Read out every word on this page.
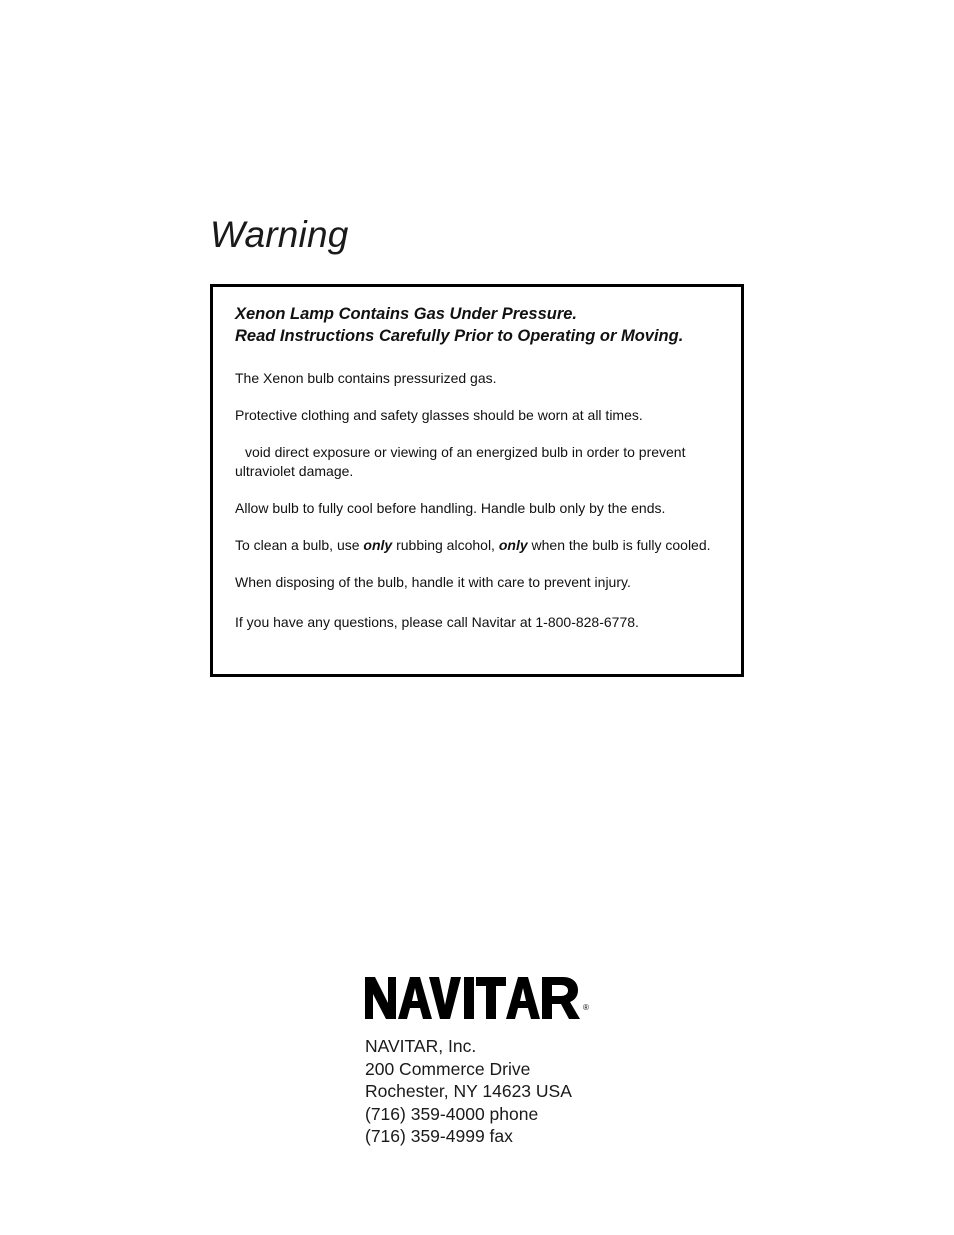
Warning

Xenon Lamp Contains Gas Under Pressure.
Read Instructions Carefully Prior to Operating or Moving.

The Xenon bulb contains pressurized gas.

Protective clothing and safety glasses should be worn at all times.

void direct exposure or viewing of an energized bulb in order to prevent ultraviolet damage.

Allow bulb to fully cool before handling. Handle bulb only by the ends.

To clean a bulb, use only rubbing alcohol, only when the bulb is fully cooled.

When disposing of the bulb, handle it with care to prevent injury.

If you have any questions, please call Navitar at 1-800-828-6778.

®
NAVITAR, Inc.
200 Commerce Drive
Rochester, NY 14623 USA
(716) 359-4000 phone
(716) 359-4999 fax
